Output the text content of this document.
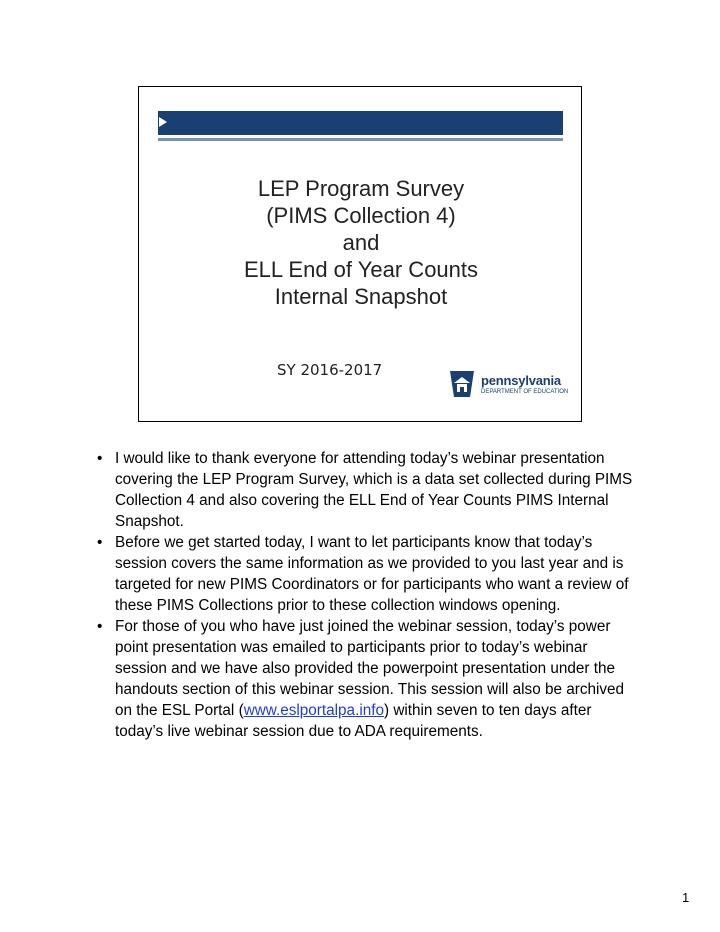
LEP Program Survey
(PIMS Collection 4)
and
ELL End of Year Counts
Internal Snapshot
SY 2016-2017
pennsylvania
DEPARTMENT OF EDUCATION

• I would like to thank everyone for attending today’s webinar presentation covering the LEP Program Survey, which is a data set collected during PIMS Collection 4 and also covering the ELL End of Year Counts PIMS Internal Snapshot.

• Before we get started today, I want to let participants know that today’s session covers the same information as we provided to you last year and is targeted for new PIMS Coordinators or for participants who want a review of these PIMS Collections prior to these collection windows opening.

• For those of you who have just joined the webinar session, today’s power point presentation was emailed to participants prior to today’s webinar session and we have also provided the powerpoint presentation under the handouts section of this webinar session. This session will also be archived on the ESL Portal (www.eslportalpa.info) within seven to ten days after today’s live webinar session due to ADA requirements.

1
